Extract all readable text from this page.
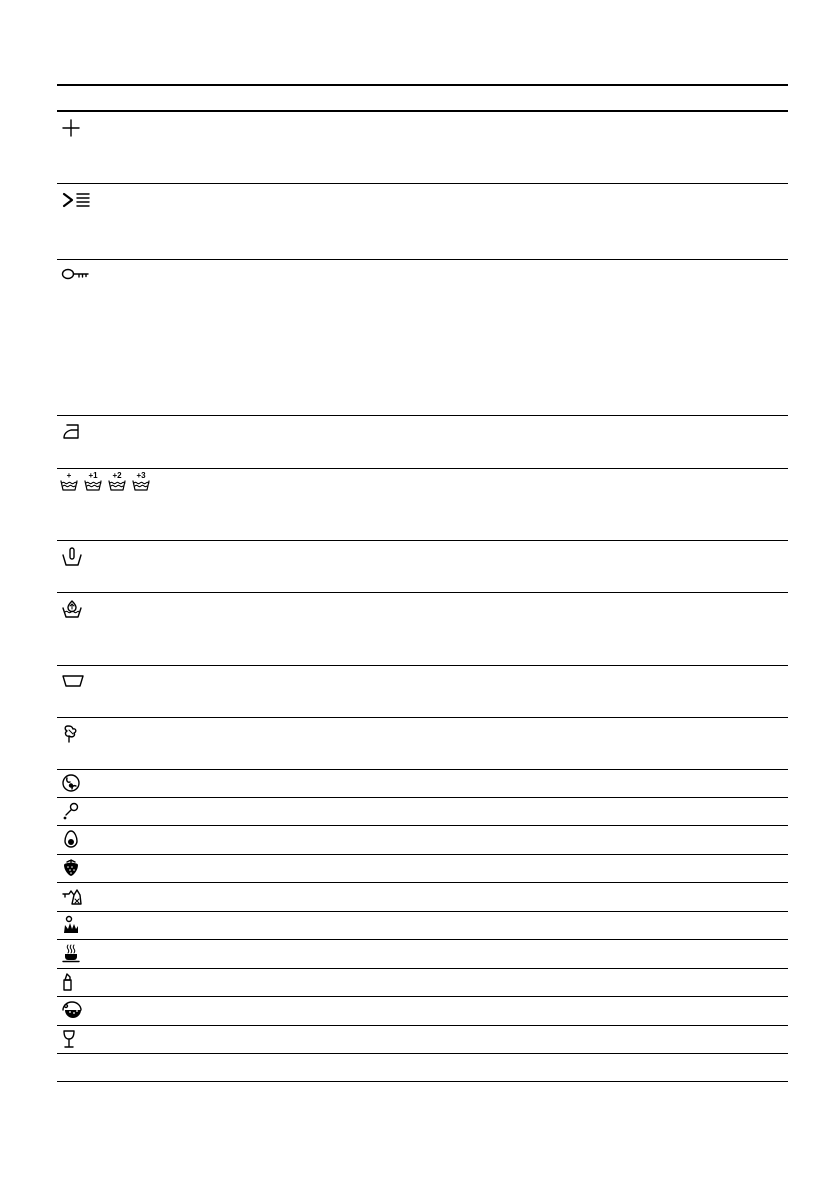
+ +1 +2 +3
